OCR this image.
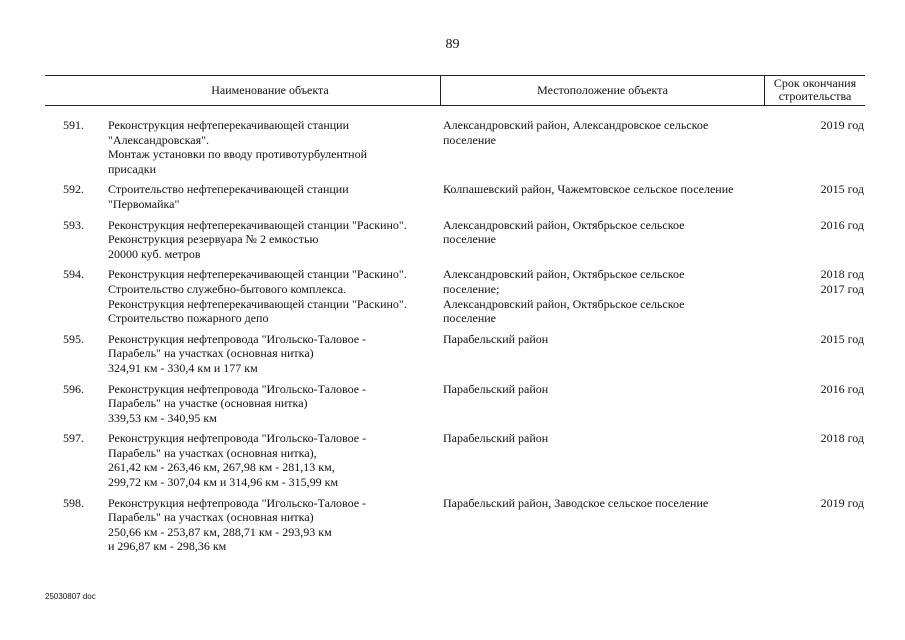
89
Наименование объекта	Местоположение объекта	Срок окончания
строительства
591.	Реконструкция нефтеперекачивающей станции
"Александровская".
Монтаж установки по вводу противотурбулентной
присадки	Александровский район, Александровское сельское
поселение	2019 год

592.	Строительство нефтеперекачивающей станции
"Первомайка"	Колпашевский район, Чажемтовское сельское поселение	2015 год

593.	Реконструкция нефтеперекачивающей станции "Раскино".
Реконструкция резервуара № 2 емкостью
20000 куб. метров	Александровский район, Октябрьское сельское
поселение	2016 год

594.	Реконструкция нефтеперекачивающей станции "Раскино".
Строительство служебно-бытового комплекса.
Реконструкция нефтеперекачивающей станции "Раскино".
Строительство пожарного депо	Александровский район, Октябрьское сельское
поселение;
Александровский район, Октябрьское сельское
поселение	2018 год
2017 год

595.	Реконструкция нефтепровода "Игольско-Таловое -
Парабель" на участках (основная нитка)
324,91 км - 330,4 км и 177 км	Парабельский район	2015 год

596.	Реконструкция нефтепровода "Игольско-Таловое -
Парабель" на участке (основная нитка)
339,53 км - 340,95 км	Парабельский район	2016 год

597.	Реконструкция нефтепровода "Игольско-Таловое -
Парабель" на участках (основная нитка),
261,42 км - 263,46 км, 267,98 км - 281,13 км,
299,72 км - 307,04 км и 314,96 км - 315,99 км	Парабельский район	2018 год

598.	Реконструкция нефтепровода "Игольско-Таловое -
Парабель" на участках (основная нитка)
250,66 км - 253,87 км, 288,71 км - 293,93 км
и 296,87 км - 298,36 км	Парабельский район, Заводское сельское поселение	2019 год
25030807 doc
